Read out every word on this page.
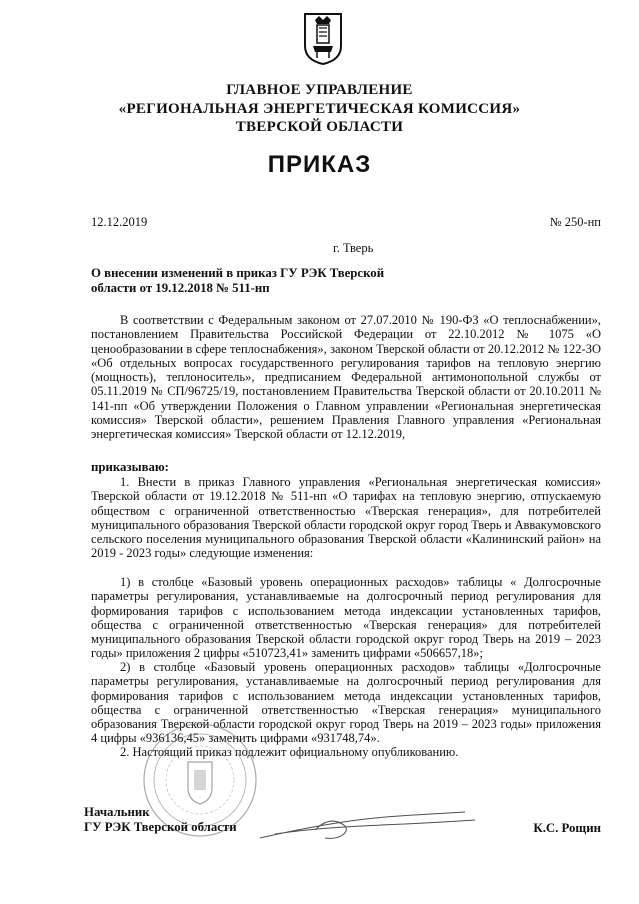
ГЛАВНОЕ УПРАВЛЕНИЕ
«РЕГИОНАЛЬНАЯ ЭНЕРГЕТИЧЕСКАЯ КОМИССИЯ»
ТВЕРСКОЙ ОБЛАСТИ
ПРИКАЗ
12.12.2019	№ 250-нп
г. Тверь
О внесении изменений в приказ ГУ РЭК Тверской области от 19.12.2018 № 511-нп
В соответствии с Федеральным законом от 27.07.2010 № 190-ФЗ «О теплоснабжении», постановлением Правительства Российской Федерации от 22.10.2012 № 1075 «О ценообразовании в сфере теплоснабжения», законом Тверской области от 20.12.2012 № 122-ЗО «Об отдельных вопросах государственного регулирования тарифов на тепловую энергию (мощность), теплоноситель», предписанием Федеральной антимонопольной службы от 05.11.2019 № СП/96725/19, постановлением Правительства Тверской области от 20.10.2011 № 141-пп «Об утверждении Положения о Главном управлении «Региональная энергетическая комиссия» Тверской области», решением Правления Главного управления «Региональная энергетическая комиссия» Тверской области от 12.12.2019,
приказываю:
1. Внести в приказ Главного управления «Региональная энергетическая комиссия» Тверской области от 19.12.2018 № 511-нп «О тарифах на тепловую энергию, отпускаемую обществом с ограниченной ответственностью «Тверская генерация», для потребителей муниципального образования Тверской области городской округ город Тверь и Аввакумовского сельского поселения муниципального образования Тверской области «Калининский район» на 2019 - 2023 годы» следующие изменения:
1) в столбце «Базовый уровень операционных расходов» таблицы « Долгосрочные параметры регулирования, устанавливаемые на долгосрочный период регулирования для формирования тарифов с использованием метода индексации установленных тарифов, общества с ограниченной ответственностью «Тверская генерация» для потребителей муниципального образования Тверской области городской округ город Тверь на 2019 – 2023 годы» приложения 2 цифры «510723,41» заменить цифрами «506657,18»;
2) в столбце «Базовый уровень операционных расходов» таблицы «Долгосрочные параметры регулирования, устанавливаемые на долгосрочный период регулирования для формирования тарифов с использованием метода индексации установленных тарифов, общества с ограниченной ответственностью «Тверская генерация» муниципального образования Тверской области городской округ город Тверь на 2019 – 2023 годы» приложения 4 цифры «936136,45» заменить цифрами «931748,74».
2. Настоящий приказ подлежит официальному опубликованию.
Начальник
ГУ РЭК Тверской области	К.С. Рощин
